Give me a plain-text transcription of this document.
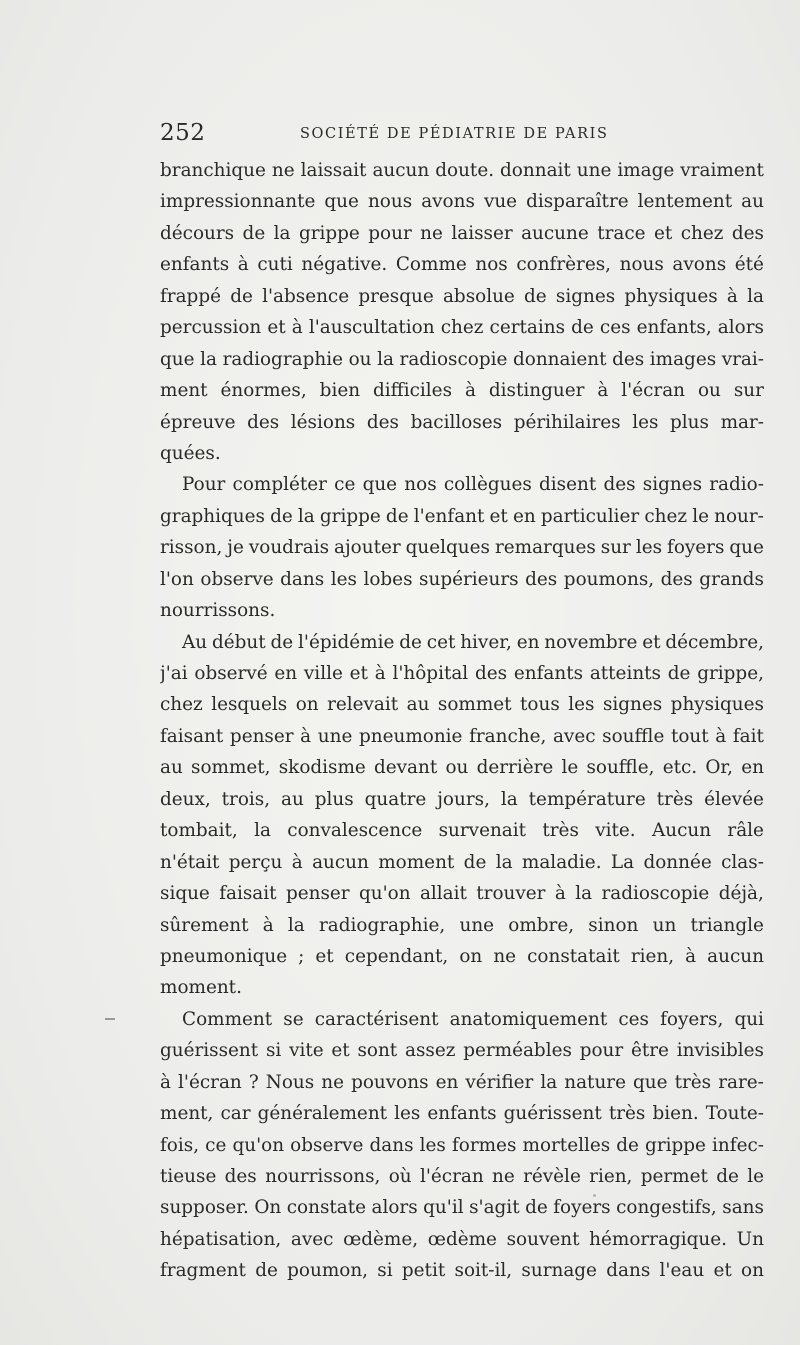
252	SOCIÉTÉ DE PÉDIATRIE DE PARIS
branchique ne laissait aucun doute. donnait une image vraiment
impressionnante que nous avons vue disparaître lentement au
décours de la grippe pour ne laisser aucune trace et chez des
enfants à cuti négative. Comme nos confrères, nous avons été
frappé de l'absence presque absolue de signes physiques à la
percussion et à l'auscultation chez certains de ces enfants, alors
que la radiographie ou la radioscopie donnaient des images vrai-
ment énormes, bien difficiles à distinguer à l'écran ou sur
épreuve des lésions des bacilloses périhilaires les plus mar-
quées.
Pour compléter ce que nos collègues disent des signes radio-
graphiques de la grippe de l'enfant et en particulier chez le nour-
risson, je voudrais ajouter quelques remarques sur les foyers que
l'on observe dans les lobes supérieurs des poumons, des grands
nourrissons.
Au début de l'épidémie de cet hiver, en novembre et décembre,
j'ai observé en ville et à l'hôpital des enfants atteints de grippe,
chez lesquels on relevait au sommet tous les signes physiques
faisant penser à une pneumonie franche, avec souffle tout à fait
au sommet, skodisme devant ou derrière le souffle, etc. Or, en
deux, trois, au plus quatre jours, la température très élevée
tombait, la convalescence survenait très vite. Aucun râle
n'était perçu à aucun moment de la maladie. La donnée clas-
sique faisait penser qu'on allait trouver à la radioscopie déjà,
sûrement à la radiographie, une ombre, sinon un triangle
pneumonique ; et cependant, on ne constatait rien, à aucun
moment.
Comment se caractérisent anatomiquement ces foyers, qui
guérissent si vite et sont assez perméables pour être invisibles
à l'écran ? Nous ne pouvons en vérifier la nature que très rare-
ment, car généralement les enfants guérissent très bien. Toute-
fois, ce qu'on observe dans les formes mortelles de grippe infec-
tieuse des nourrissons, où l'écran ne révèle rien, permet de le
supposer. On constate alors qu'il s'agit de foyers congestifs, sans
hépatisation, avec œdème, œdème souvent hémorragique. Un
fragment de poumon, si petit soit-il, surnage dans l'eau et on
